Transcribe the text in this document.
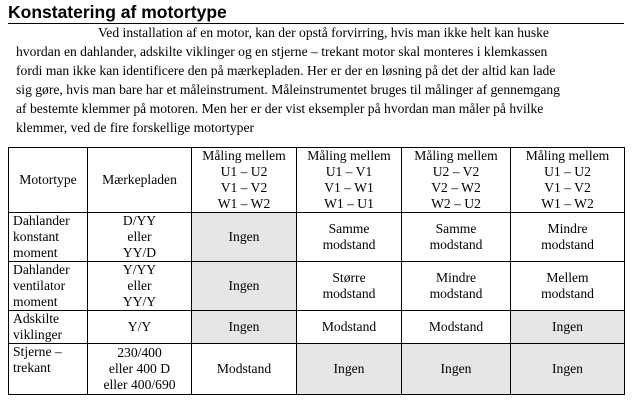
Konstatering af motortype
Ved installation af en motor, kan der opstå forvirring, hvis man ikke helt kan huske
hvordan en dahlander, adskilte viklinger og en stjerne – trekant motor skal monteres i klemkassen
fordi man ikke kan identificere den på mærkepladen. Her er der en løsning på det der altid kan lade
sig gøre, hvis man bare har et måleinstrument. Måleinstrumentet bruges til målinger af gennemgang
af bestemte klemmer på motoren. Men her er der vist eksempler på hvordan man måler på hvilke
klemmer, ved de fire forskellige motortyper
Motortype	Mærkepladen	Måling mellem
U1 – U2
V1 – V2
W1 – W2	Måling mellem
U1 – V1
V1 – W1
W1 – U1	Måling mellem
U2 – V2
V2 – W2
W2 – U2	Måling mellem
U1 – U2
V1 – V2
W1 – W2

Dahlander
konstant
moment	D/YY
eller
YY/D	Ingen	Samme
modstand	Samme
modstand	Mindre
modstand

Dahlander
ventilator
moment	Y/YY
eller
YY/Y	Ingen	Større
modstand	Mindre
modstand	Mellem
modstand

Adskilte
viklinger	Y/Y	Ingen	Modstand	Modstand	Ingen

Stjerne –
trekant	230/400
eller 400 D
eller 400/690	Modstand	Ingen	Ingen	Ingen
